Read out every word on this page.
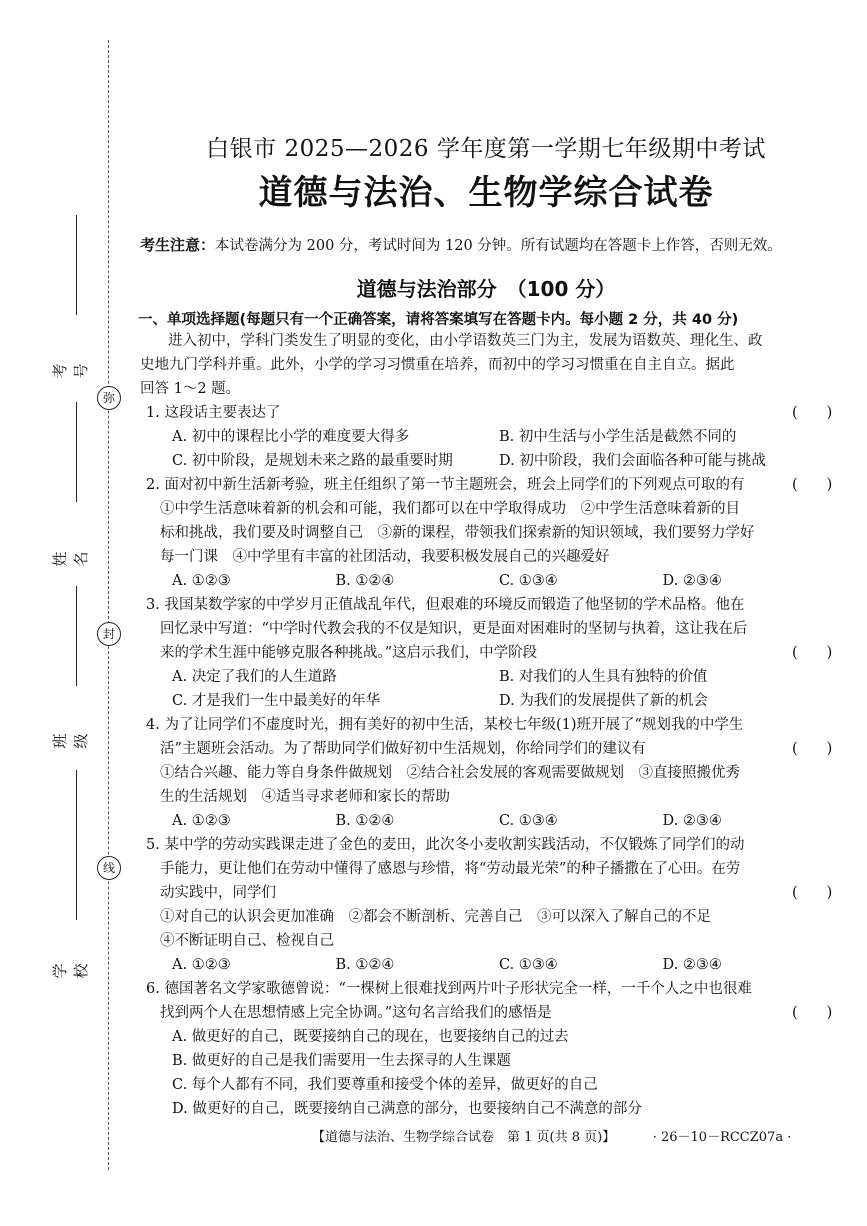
考号
姓名
班级
学校
弥
封
线
白银市 2025—2026 学年度第一学期七年级期中考试
道德与法治、生物学综合试卷
考生注意：本试卷满分为 200 分，考试时间为 120 分钟。所有试题均在答题卡上作答，否则无效。
道德与法治部分　（100 分）
一、单项选择题(每题只有一个正确答案，请将答案填写在答题卡内。每小题 2 分，共 40 分)

进入初中，学科门类发生了明显的变化，由小学语数英三门为主，发展为语数英、理化生、政

史地九门学科并重。此外，小学的学习习惯重在培养，而初中的学习习惯重在自主自立。据此

回答 1～2 题。

(　　)
1. 这段话主要表达了

A. 初中的课程比小学的难度要大得多	B. 初中生活与小学生活是截然不同的
C. 初中阶段，是规划未来之路的最重要时期	D. 初中阶段，我们会面临各种可能与挑战

(　　)
2. 面对初中新生活新考验，班主任组织了第一节主题班会，班会上同学们的下列观点可取的有

①中学生活意味着新的机会和可能，我们都可以在中学取得成功　②中学生活意味着新的目

标和挑战，我们要及时调整自己　③新的课程，带领我们探索新的知识领域，我们要努力学好

每一门课　④中学里有丰富的社团活动，我要积极发展自己的兴趣爱好

A. ①②③	B. ①②④	C. ①③④	D. ②③④

3. 我国某数学家的中学岁月正值战乱年代，但艰难的环境反而锻造了他坚韧的学术品格。他在

回忆录中写道：“中学时代教会我的不仅是知识，更是面对困难时的坚韧与执着，这让我在后

(　　)
来的学术生涯中能够克服各种挑战。”这启示我们，中学阶段

A. 决定了我们的人生道路	B. 对我们的人生具有独特的价值
C. 才是我们一生中最美好的年华	D. 为我们的发展提供了新的机会

4. 为了让同学们不虚度时光，拥有美好的初中生活，某校七年级(1)班开展了“规划我的中学生

(　　)
活”主题班会活动。为了帮助同学们做好初中生活规划，你给同学们的建议有

①结合兴趣、能力等自身条件做规划　②结合社会发展的客观需要做规划　③直接照搬优秀

生的生活规划　④适当寻求老师和家长的帮助

A. ①②③	B. ①②④	C. ①③④	D. ②③④

5. 某中学的劳动实践课走进了金色的麦田，此次冬小麦收割实践活动，不仅锻炼了同学们的动

手能力，更让他们在劳动中懂得了感恩与珍惜，将“劳动最光荣”的种子播撒在了心田。在劳

(　　)
动实践中，同学们

①对自己的认识会更加准确　②都会不断剖析、完善自己　③可以深入了解自己的不足

④不断证明自己、检视自己

A. ①②③	B. ①②④	C. ①③④	D. ②③④

6. 德国著名文学家歌德曾说：“一棵树上很难找到两片叶子形状完全一样，一千个人之中也很难

(　　)
找到两个人在思想情感上完全协调。”这句名言给我们的感悟是

A. 做更好的自己，既要接纳自己的现在，也要接纳自己的过去

B. 做更好的自己是我们需要用一生去探寻的人生课题

C. 每个人都有不同，我们要尊重和接受个体的差异，做更好的自己

D. 做更好的自己，既要接纳自己满意的部分，也要接纳自己不满意的部分

【道德与法治、生物学综合试卷　第 1 页(共 8 页)】	· 26－10－RCCZ07a ·
